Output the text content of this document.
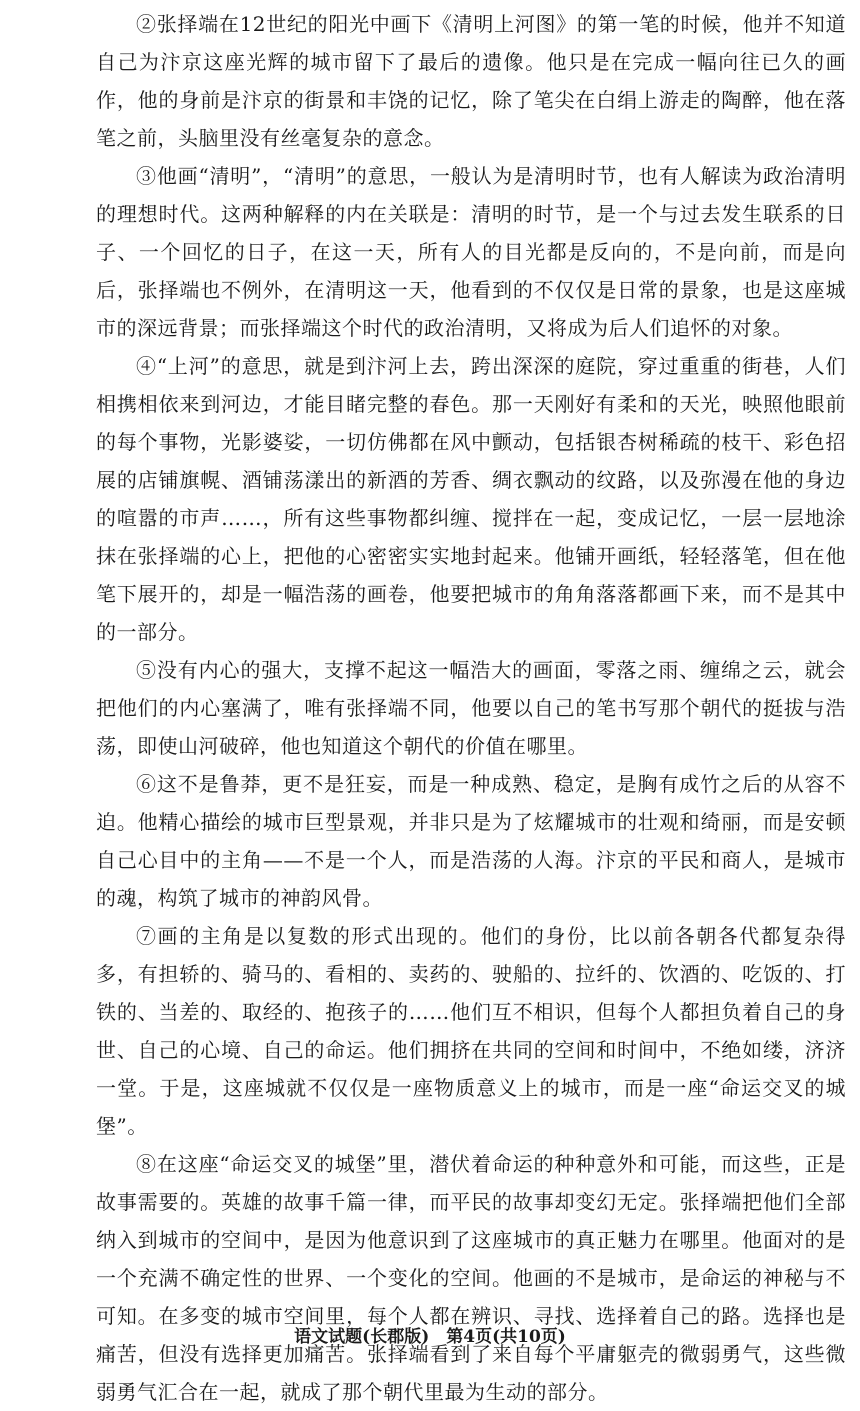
②张择端在12世纪的阳光中画下《清明上河图》的第一笔的时候，他并不知道自己为汴京这座光辉的城市留下了最后的遗像。他只是在完成一幅向往已久的画作，他的身前是汴京的街景和丰饶的记忆，除了笔尖在白绢上游走的陶醉，他在落笔之前，头脑里没有丝毫复杂的意念。

③他画“清明”，“清明”的意思，一般认为是清明时节，也有人解读为政治清明的理想时代。这两种解释的内在关联是：清明的时节，是一个与过去发生联系的日子、一个回忆的日子，在这一天，所有人的目光都是反向的，不是向前，而是向后，张择端也不例外，在清明这一天，他看到的不仅仅是日常的景象，也是这座城市的深远背景；而张择端这个时代的政治清明，又将成为后人们追怀的对象。

④“上河”的意思，就是到汴河上去，跨出深深的庭院，穿过重重的街巷，人们相携相依来到河边，才能目睹完整的春色。那一天刚好有柔和的天光，映照他眼前的每个事物，光影婆娑，一切仿佛都在风中颤动，包括银杏树稀疏的枝干、彩色招展的店铺旗幌、酒铺荡漾出的新酒的芳香、绸衣飘动的纹路，以及弥漫在他的身边的喧嚣的市声……，所有这些事物都纠缠、搅拌在一起，变成记忆，一层一层地涂抹在张择端的心上，把他的心密密实实地封起来。他铺开画纸，轻轻落笔，但在他笔下展开的，却是一幅浩荡的画卷，他要把城市的角角落落都画下来，而不是其中的一部分。

⑤没有内心的强大，支撑不起这一幅浩大的画面，零落之雨、缠绵之云，就会把他们的内心塞满了，唯有张择端不同，他要以自己的笔书写那个朝代的挺拔与浩荡，即使山河破碎，他也知道这个朝代的价值在哪里。

⑥这不是鲁莽，更不是狂妄，而是一种成熟、稳定，是胸有成竹之后的从容不迫。他精心描绘的城市巨型景观，并非只是为了炫耀城市的壮观和绮丽，而是安顿自己心目中的主角——不是一个人，而是浩荡的人海。汴京的平民和商人，是城市的魂，构筑了城市的神韵风骨。

⑦画的主角是以复数的形式出现的。他们的身份，比以前各朝各代都复杂得多，有担轿的、骑马的、看相的、卖药的、驶船的、拉纤的、饮酒的、吃饭的、打铁的、当差的、取经的、抱孩子的……他们互不相识，但每个人都担负着自己的身世、自己的心境、自己的命运。他们拥挤在共同的空间和时间中，不绝如缕，济济一堂。于是，这座城就不仅仅是一座物质意义上的城市，而是一座“命运交叉的城堡”。

⑧在这座“命运交叉的城堡”里，潜伏着命运的种种意外和可能，而这些，正是故事需要的。英雄的故事千篇一律，而平民的故事却变幻无定。张择端把他们全部纳入到城市的空间中，是因为他意识到了这座城市的真正魅力在哪里。他面对的是一个充满不确定性的世界、一个变化的空间。他画的不是城市，是命运的神秘与不可知。在多变的城市空间里，每个人都在辨识、寻找、选择着自己的路。选择也是痛苦，但没有选择更加痛苦。张择端看到了来自每个平庸躯壳的微弱勇气，这些微弱勇气汇合在一起，就成了那个朝代里最为生动的部分。

语文试题(长郡版)　第4页(共10页)
